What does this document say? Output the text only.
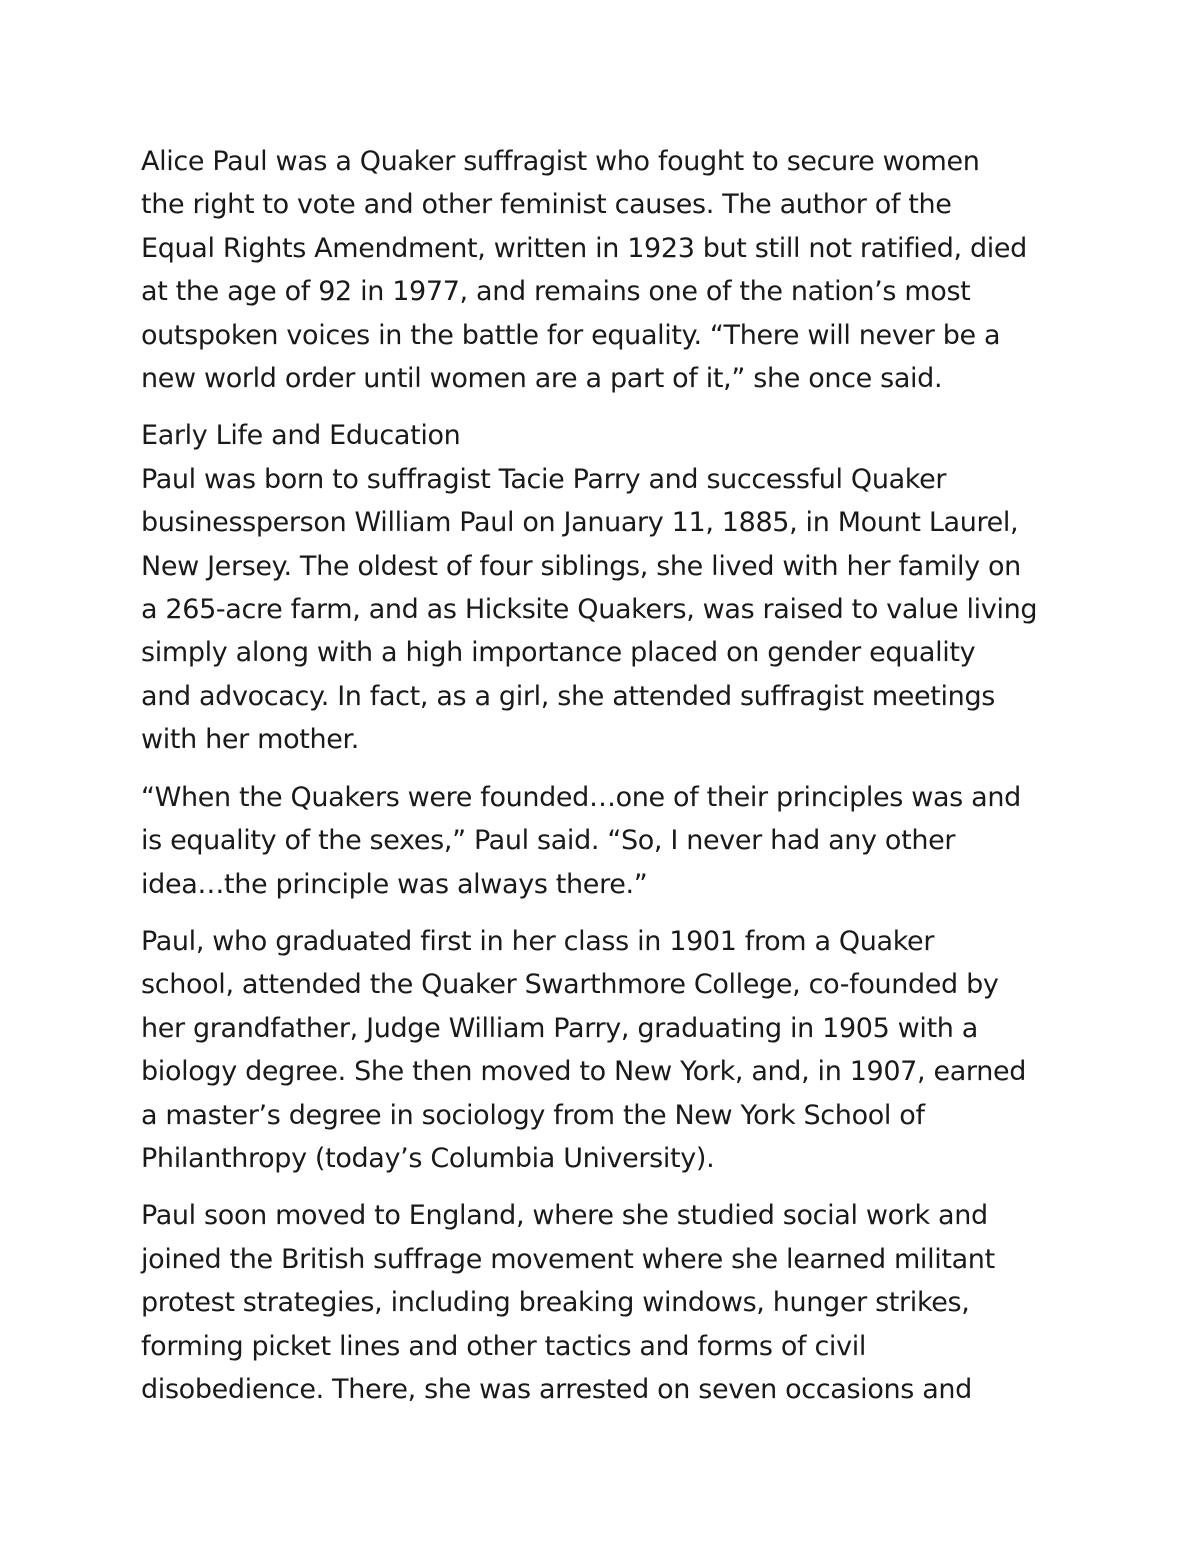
Alice Paul was a Quaker suffragist who fought to secure women
the right to vote and other feminist causes. The author of the
Equal Rights Amendment, written in 1923 but still not ratified, died
at the age of 92 in 1977, and remains one of the nation’s most
outspoken voices in the battle for equality. “There will never be a
new world order until women are a part of it,” she once said.

Early Life and Education
Paul was born to suffragist Tacie Parry and successful Quaker
businessperson William Paul on January 11, 1885, in Mount Laurel,
New Jersey. The oldest of four siblings, she lived with her family on
a 265-acre farm, and as Hicksite Quakers, was raised to value living
simply along with a high importance placed on gender equality
and advocacy. In fact, as a girl, she attended suffragist meetings
with her mother.

“When the Quakers were founded…one of their principles was and
is equality of the sexes,” Paul said. “So, I never had any other
idea…the principle was always there.”

Paul, who graduated first in her class in 1901 from a Quaker
school, attended the Quaker Swarthmore College, co-founded by
her grandfather, Judge William Parry, graduating in 1905 with a
biology degree. She then moved to New York, and, in 1907, earned
a master’s degree in sociology from the New York School of
Philanthropy (today’s Columbia University).

Paul soon moved to England, where she studied social work and
joined the British suffrage movement where she learned militant
protest strategies, including breaking windows, hunger strikes,
forming picket lines and other tactics and forms of civil
disobedience. There, she was arrested on seven occasions and
